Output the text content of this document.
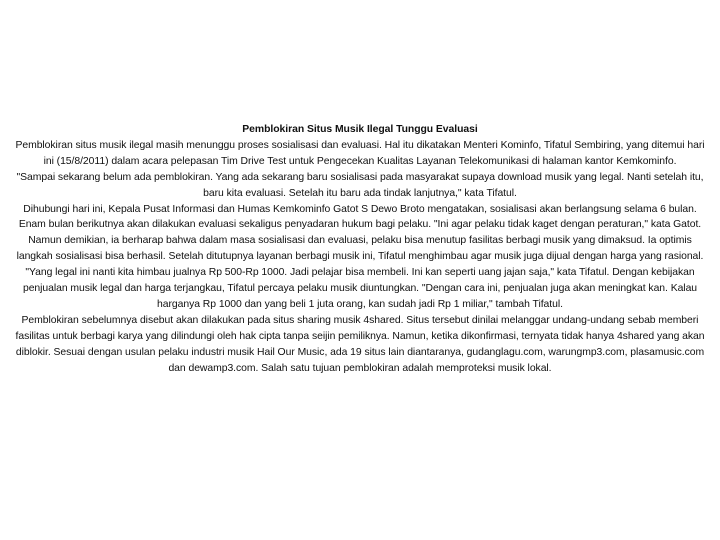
Pemblokiran Situs Musik Ilegal Tunggu Evaluasi

Pemblokiran situs musik ilegal masih menunggu proses sosialisasi dan evaluasi. Hal itu dikatakan Menteri Kominfo, Tifatul Sembiring, yang ditemui hari ini (15/8/2011) dalam acara pelepasan Tim Drive Test untuk Pengecekan Kualitas Layanan Telekomunikasi di halaman kantor Kemkominfo.

"Sampai sekarang belum ada pemblokiran. Yang ada sekarang baru sosialisasi pada masyarakat supaya download musik yang legal. Nanti setelah itu, baru kita evaluasi. Setelah itu baru ada tindak lanjutnya," kata Tifatul.

Dihubungi hari ini, Kepala Pusat Informasi dan Humas Kemkominfo Gatot S Dewo Broto mengatakan, sosialisasi akan berlangsung selama 6 bulan. Enam bulan berikutnya akan dilakukan evaluasi sekaligus penyadaran hukum bagi pelaku. "Ini agar pelaku tidak kaget dengan peraturan," kata Gatot.

Namun demikian, ia berharap bahwa dalam masa sosialisasi dan evaluasi, pelaku bisa menutup fasilitas berbagi musik yang dimaksud. Ia optimis langkah sosialisasi bisa berhasil. Setelah ditutupnya layanan berbagi musik ini, Tifatul menghimbau agar musik juga dijual dengan harga yang rasional.

"Yang legal ini nanti kita himbau jualnya Rp 500-Rp 1000. Jadi pelajar bisa membeli. Ini kan seperti uang jajan saja," kata Tifatul. Dengan kebijakan penjualan musik legal dan harga terjangkau, Tifatul percaya pelaku musik diuntungkan. "Dengan cara ini, penjualan juga akan meningkat kan. Kalau harganya Rp 1000 dan yang beli 1 juta orang, kan sudah jadi Rp 1 miliar," tambah Tifatul.

Pemblokiran sebelumnya disebut akan dilakukan pada situs sharing musik 4shared. Situs tersebut dinilai melanggar undang-undang sebab memberi fasilitas untuk berbagi karya yang dilindungi oleh hak cipta tanpa seijin pemiliknya. Namun, ketika dikonfirmasi, ternyata tidak hanya 4shared yang akan diblokir. Sesuai dengan usulan pelaku industri musik Hail Our Music, ada 19 situs lain diantaranya, gudanglagu.com, warungmp3.com, plasamusic.com dan dewamp3.com. Salah satu tujuan pemblokiran adalah memproteksi musik lokal.
